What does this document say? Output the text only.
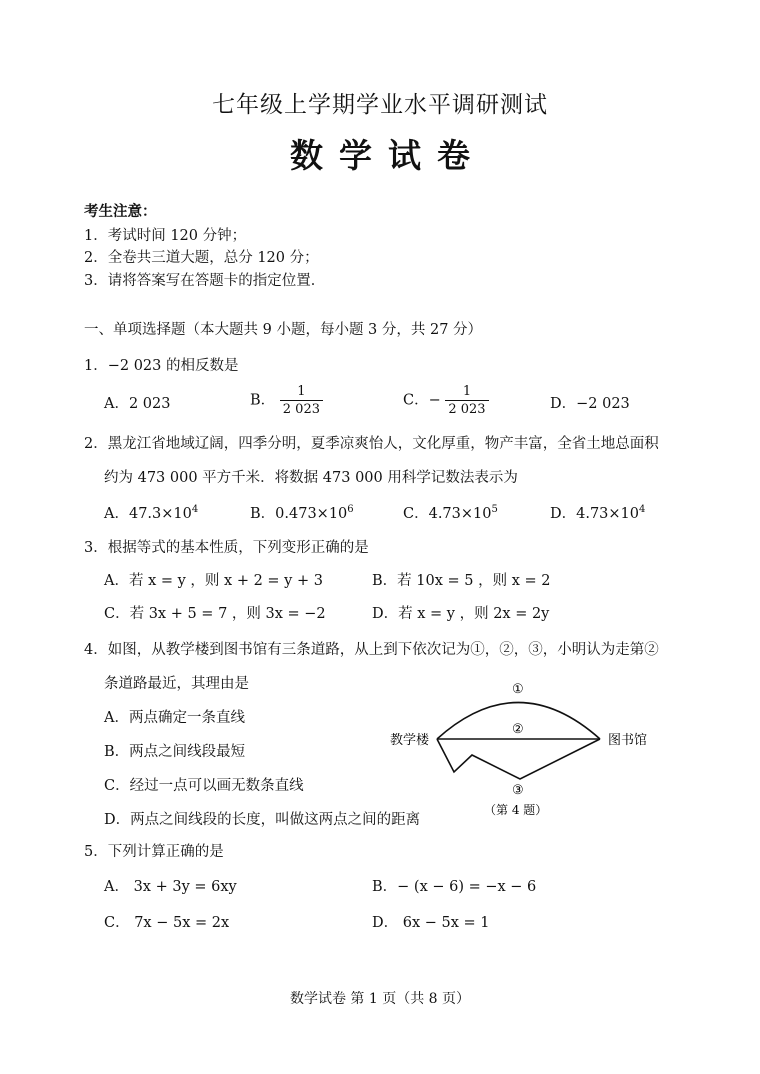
七年级上学期学业水平调研测试
数学试卷
考生注意：
1．考试时间 120 分钟；
2．全卷共三道大题，总分 120 分；
3．请将答案写在答题卡的指定位置．
一、单项选择题（本大题共 9 小题，每小题 3 分，共 27 分）
1．−2 023 的相反数是
A．2 023	B． $\frac{1}{2 023}$	C．− $\frac{1}{2 023}$	D．−2 023
2．黑龙江省地域辽阔，四季分明，夏季凉爽怡人，文化厚重，物产丰富，全省土地总面积
约为 473 000 平方千米．将数据 473 000 用科学记数法表示为
A．$47.3\times 10^4$	B．$0.473\times 10^6$	C．$4.73\times 10^5$	D．$4.73\times 10^4$
3．根据等式的基本性质，下列变形正确的是
A．若 x = y ，则 x + 2 = y + 3	B．若 10x = 5 ，则 x = 2
C．若 3x + 5 = 7 ，则 3x = −2	D．若 x = y ，则 2x = 2y
4．如图，从教学楼到图书馆有三条道路，从上到下依次记为①，②，③，小明认为走第②
条道路最近，其理由是
A．两点确定一条直线
B．两点之间线段最短
C．经过一点可以画无数条直线
D．两点之间线段的长度，叫做这两点之间的距离
教学楼	图书馆
①
②
③
（第 4 题）
5．下列计算正确的是
A． 3x + 3y = 6xy	B．− (x − 6) = −x − 6
C． 7x − 5x = 2x	D． 6x − 5x = 1
数学试卷 第 1 页（共 8 页）
